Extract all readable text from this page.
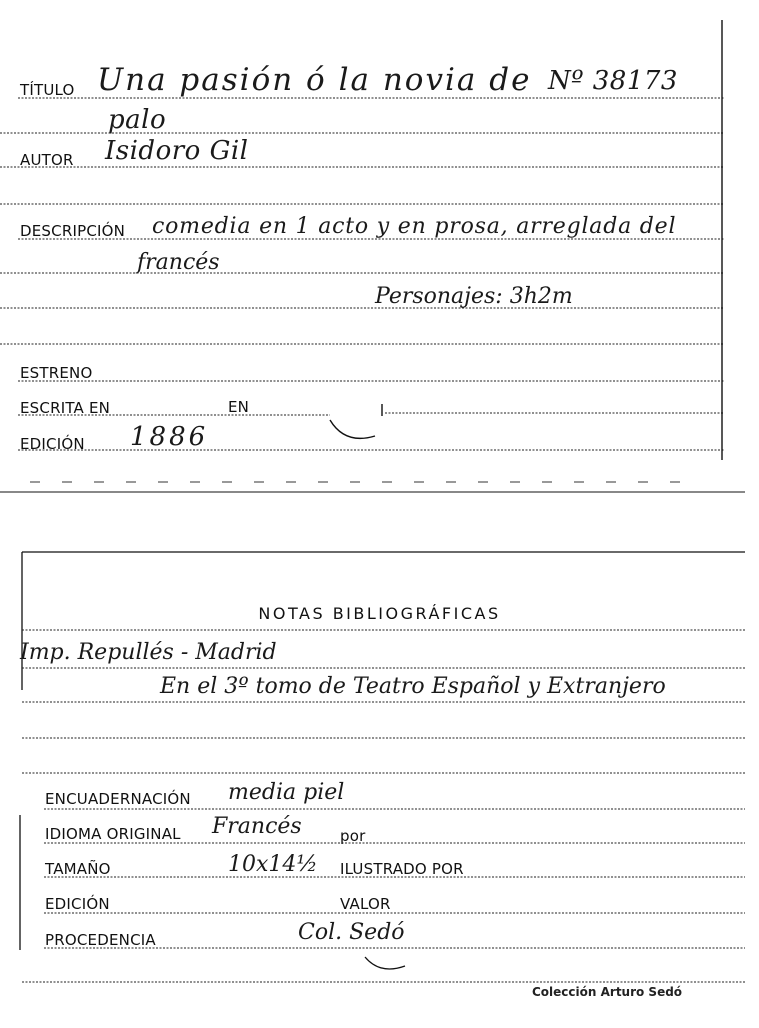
TÍTULO Una pasión ó la novia de Nº 38173
palo
AUTOR Isidoro Gil
DESCRIPCIÓN comedia en 1 acto y en prosa, arreglada del
francés
Personajes: 3h2m
ESTRENO
ESCRITA EN	EN
EDICIÓN 1886
NOTAS BIBLIOGRÁFICAS
Imp. Repullés - Madrid
En el 3º tomo de Teatro Español y Extranjero
ENCUADERNACIÓN media piel
IDIOMA ORIGINAL Francés	por
TAMAÑO	10x14½ ILUSTRADO POR
EDICIÓN	VALOR
PROCEDENCIA	Col. Sedó
Colección Arturo Sedó
